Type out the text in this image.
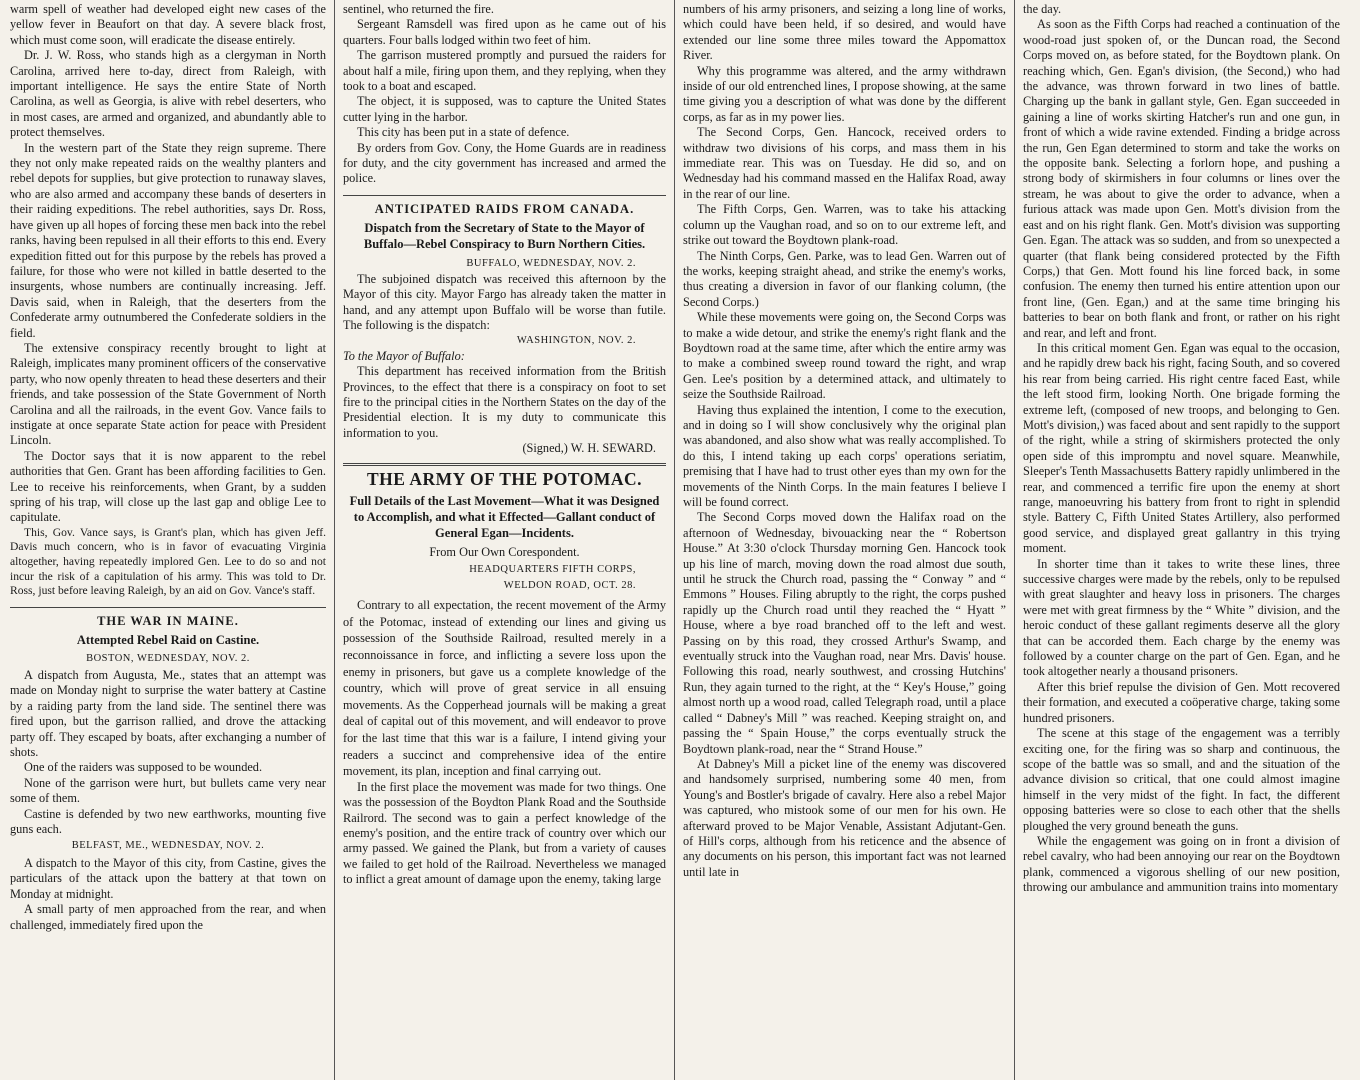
warm spell of weather had developed eight new cases of the yellow fever in Beaufort on that day. A severe black frost, which must come soon, will eradicate the disease entirely.

Dr. J. W. Ross, who stands high as a clergyman in North Carolina, arrived here to-day, direct from Raleigh, with important intelligence. He says the entire State of North Carolina, as well as Georgia, is alive with rebel deserters, who in most cases, are armed and organized, and abundantly able to protect themselves.

In the western part of the State they reign supreme. There they not only make repeated raids on the wealthy planters and rebel depots for supplies, but give protection to runaway slaves, who are also armed and accompany these bands of deserters in their raiding expeditions. The rebel authorities, says Dr. Ross, have given up all hopes of forcing these men back into the rebel ranks, having been repulsed in all their efforts to this end. Every expedition fitted out for this purpose by the rebels has proved a failure, for those who were not killed in battle deserted to the insurgents, whose numbers are continually increasing. Jeff. Davis said, when in Raleigh, that the deserters from the Confederate army outnumbered the Confederate soldiers in the field.

The extensive conspiracy recently brought to light at Raleigh, implicates many prominent officers of the conservative party, who now openly threaten to head these deserters and their friends, and take possession of the State Government of North Carolina and all the railroads, in the event Gov. Vance fails to instigate at once separate State action for peace with President Lincoln.

The Doctor says that it is now apparent to the rebel authorities that Gen. Grant has been affording facilities to Gen. Lee to receive his reinforcements, when Grant, by a sudden spring of his trap, will close up the last gap and oblige Lee to capitulate.

This, Gov. Vance says, is Grant's plan, which has given Jeff. Davis much concern, who is in favor of evacuating Virginia altogether, having repeatedly implored Gen. Lee to do so and not incur the risk of a capitulation of his army. This was told to Dr. Ross, just before leaving Raleigh, by an aid on Gov. Vance's staff.

THE WAR IN MAINE.
Attempted Rebel Raid on Castine.
BOSTON, WEDNESDAY, NOV. 2.

A dispatch from Augusta, Me., states that an attempt was made on Monday night to surprise the water battery at Castine by a raiding party from the land side. The sentinel there was fired upon, but the garrison rallied, and drove the attacking party off. They escaped by boats, after exchanging a number of shots.

One of the raiders was supposed to be wounded.

None of the garrison were hurt, but bullets came very near some of them.

Castine is defended by two new earthworks, mounting five guns each.

BELFAST, ME., WEDNESDAY, NOV. 2.

A dispatch to the Mayor of this city, from Castine, gives the particulars of the attack upon the battery at that town on Monday at midnight.

A small party of men approached from the rear, and when challenged, immediately fired upon the

sentinel, who returned the fire.

Sergeant Ramsdell was fired upon as he came out of his quarters. Four balls lodged within two feet of him.

The garrison mustered promptly and pursued the raiders for about half a mile, firing upon them, and they replying, when they took to a boat and escaped.

The object, it is supposed, was to capture the United States cutter lying in the harbor.

This city has been put in a state of defence.

By orders from Gov. Cony, the Home Guards are in readiness for duty, and the city government has increased and armed the police.

ANTICIPATED RAIDS FROM CANADA.
Dispatch from the Secretary of State to the Mayor of Buffalo—Rebel Conspiracy to Burn Northern Cities.
BUFFALO, WEDNESDAY, NOV. 2.

The subjoined dispatch was received this afternoon by the Mayor of this city. Mayor Fargo has already taken the matter in hand, and any attempt upon Buffalo will be worse than futile. The following is the dispatch:

WASHINGTON, NOV. 2.

To the Mayor of Buffalo:

This department has received information from the British Provinces, to the effect that there is a conspiracy on foot to set fire to the principal cities in the Northern States on the day of the Presidential election. It is my duty to communicate this information to you.

(Signed,) W. H. SEWARD.
THE ARMY OF THE POTOMAC.
Full Details of the Last Movement—What it was Designed to Accomplish, and what it Effected—Gallant conduct of General Egan—Incidents.
From Our Own Corespondent.
HEADQUARTERS FIFTH CORPS,
WELDON ROAD, OCT. 28.

Contrary to all expectation, the recent movement of the Army of the Potomac, instead of extending our lines and giving us possession of the Southside Railroad, resulted merely in a reconnoissance in force, and inflicting a severe loss upon the enemy in prisoners, but gave us a complete knowledge of the country, which will prove of great service in all ensuing movements. As the Copperhead journals will be making a great deal of capital out of this movement, and will endeavor to prove for the last time that this war is a failure, I intend giving your readers a succinct and comprehensive idea of the entire movement, its plan, inception and final carrying out.

In the first place the movement was made for two things. One was the possession of the Boydton Plank Road and the Southside Railrord. The second was to gain a perfect knowledge of the enemy's position, and the entire track of country over which our army passed. We gained the Plank, but from a variety of causes we failed to get hold of the Railroad. Nevertheless we managed to inflict a great amount of damage upon the enemy, taking large

numbers of his army prisoners, and seizing a long line of works, which could have been held, if so desired, and would have extended our line some three miles toward the Appomattox River.

Why this programme was altered, and the army withdrawn inside of our old entrenched lines, I propose showing, at the same time giving you a description of what was done by the different corps, as far as in my power lies.

The Second Corps, Gen. Hancock, received orders to withdraw two divisions of his corps, and mass them in his immediate rear. This was on Tuesday. He did so, and on Wednesday had his command massed en the Halifax Road, away in the rear of our line.

The Fifth Corps, Gen. Warren, was to take his attacking column up the Vaughan road, and so on to our extreme left, and strike out toward the Boydtown plank-road.

The Ninth Corps, Gen. Parke, was to lead Gen. Warren out of the works, keeping straight ahead, and strike the enemy's works, thus creating a diversion in favor of our flanking column, (the Second Corps.)

While these movements were going on, the Second Corps was to make a wide detour, and strike the enemy's right flank and the Boydtown road at the same time, after which the entire army was to make a combined sweep round toward the right, and wrap Gen. Lee's position by a determined attack, and ultimately to seize the Southside Railroad.

Having thus explained the intention, I come to the execution, and in doing so I will show conclusively why the original plan was abandoned, and also show what was really accomplished. To do this, I intend taking up each corps' operations seriatim, premising that I have had to trust other eyes than my own for the movements of the Ninth Corps. In the main features I believe I will be found correct.

The Second Corps moved down the Halifax road on the afternoon of Wednesday, bivouacking near the “ Robertson House.” At 3:30 o'clock Thursday morning Gen. Hancock took up his line of march, moving down the road almost due south, until he struck the Church road, passing the “ Conway ” and “ Emmons ” Houses. Filing abruptly to the right, the corps pushed rapidly up the Church road until they reached the “ Hyatt ” House, where a bye road branched off to the left and west. Passing on by this road, they crossed Arthur's Swamp, and eventually struck into the Vaughan road, near Mrs. Davis' house. Following this road, nearly southwest, and crossing Hutchins' Run, they again turned to the right, at the “ Key's House,” going almost north up a wood road, called Telegraph road, until a place called “ Dabney's Mill ” was reached. Keeping straight on, and passing the “ Spain House,” the corps eventually struck the Boydtown plank-road, near the “ Strand House.”

At Dabney's Mill a picket line of the enemy was discovered and handsomely surprised, numbering some 40 men, from Young's and Bostler's brigade of cavalry. Here also a rebel Major was captured, who mistook some of our men for his own. He afterward proved to be Major Venable, Assistant Adjutant-Gen. of Hill's corps, although from his reticence and the absence of any documents on his person, this important fact was not learned until late in

the day.

As soon as the Fifth Corps had reached a continuation of the wood-road just spoken of, or the Duncan road, the Second Corps moved on, as before stated, for the Boydtown plank. On reaching which, Gen. Egan's division, (the Second,) who had the advance, was thrown forward in two lines of battle. Charging up the bank in gallant style, Gen. Egan succeeded in gaining a line of works skirting Hatcher's run and one gun, in front of which a wide ravine extended. Finding a bridge across the run, Gen Egan determined to storm and take the works on the opposite bank. Selecting a forlorn hope, and pushing a strong body of skirmishers in four columns or lines over the stream, he was about to give the order to advance, when a furious attack was made upon Gen. Mott's division from the east and on his right flank. Gen. Mott's division was supporting Gen. Egan. The attack was so sudden, and from so unexpected a quarter (that flank being considered protected by the Fifth Corps,) that Gen. Mott found his line forced back, in some confusion. The enemy then turned his entire attention upon our front line, (Gen. Egan,) and at the same time bringing his batteries to bear on both flank and front, or rather on his right and rear, and left and front.

In this critical moment Gen. Egan was equal to the occasion, and he rapidly drew back his right, facing South, and so covered his rear from being carried. His right centre faced East, while the left stood firm, looking North. One brigade forming the extreme left, (composed of new troops, and belonging to Gen. Mott's division,) was faced about and sent rapidly to the support of the right, while a string of skirmishers protected the only open side of this impromptu and novel square. Meanwhile, Sleeper's Tenth Massachusetts Battery rapidly unlimbered in the rear, and commenced a terrific fire upon the enemy at short range, manoeuvring his battery from front to right in splendid style. Battery C, Fifth United States Artillery, also performed good service, and displayed great gallantry in this trying moment.

In shorter time than it takes to write these lines, three successive charges were made by the rebels, only to be repulsed with great slaughter and heavy loss in prisoners. The charges were met with great firmness by the “ White ” division, and the heroic conduct of these gallant regiments deserve all the glory that can be accorded them. Each charge by the enemy was followed by a counter charge on the part of Gen. Egan, and he took altogether nearly a thousand prisoners.

After this brief repulse the division of Gen. Mott recovered their formation, and executed a coöperative charge, taking some hundred prisoners.

The scene at this stage of the engagement was a terribly exciting one, for the firing was so sharp and continuous, the scope of the battle was so small, and and the situation of the advance division so critical, that one could almost imagine himself in the very midst of the fight. In fact, the different opposing batteries were so close to each other that the shells ploughed the very ground beneath the guns.

While the engagement was going on in front a division of rebel cavalry, who had been annoying our rear on the Boydtown plank, commenced a vigorous shelling of our new position, throwing our ambulance and ammunition trains into momentary
